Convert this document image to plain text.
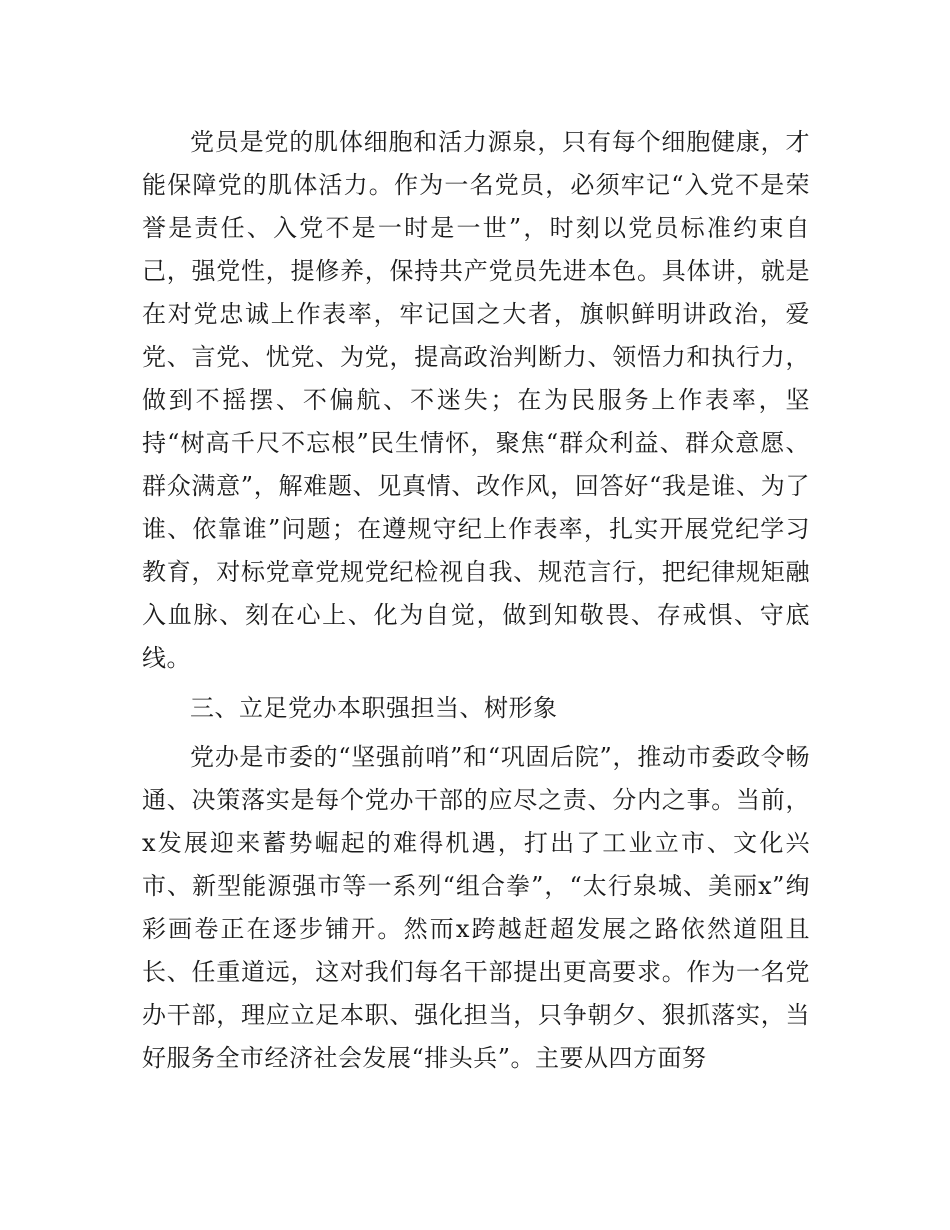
党员是党的肌体细胞和活力源泉，只有每个细胞健康，才能保障党的肌体活力。作为一名党员，必须牢记“入党不是荣誉是责任、入党不是一时是一世”，时刻以党员标准约束自己，强党性，提修养，保持共产党员先进本色。具体讲，就是在对党忠诚上作表率，牢记国之大者，旗帜鲜明讲政治，爱党、言党、忧党、为党，提高政治判断力、领悟力和执行力，做到不摇摆、不偏航、不迷失；在为民服务上作表率，坚持“树高千尺不忘根”民生情怀，聚焦“群众利益、群众意愿、群众满意”，解难题、见真情、改作风，回答好“我是谁、为了谁、依靠谁”问题；在遵规守纪上作表率，扎实开展党纪学习教育，对标党章党规党纪检视自我、规范言行，把纪律规矩融入血脉、刻在心上、化为自觉，做到知敬畏、存戒惧、守底线。

三、立足党办本职强担当、树形象

党办是市委的“坚强前哨”和“巩固后院”，推动市委政令畅通、决策落实是每个党办干部的应尽之责、分内之事。当前，x发展迎来蓄势崛起的难得机遇，打出了工业立市、文化兴市、新型能源强市等一系列“组合拳”，“太行泉城、美丽x”绚彩画卷正在逐步铺开。然而x跨越赶超发展之路依然道阻且长、任重道远，这对我们每名干部提出更高要求。作为一名党办干部，理应立足本职、强化担当，只争朝夕、狠抓落实，当好服务全市经济社会发展“排头兵”。主要从四方面努
